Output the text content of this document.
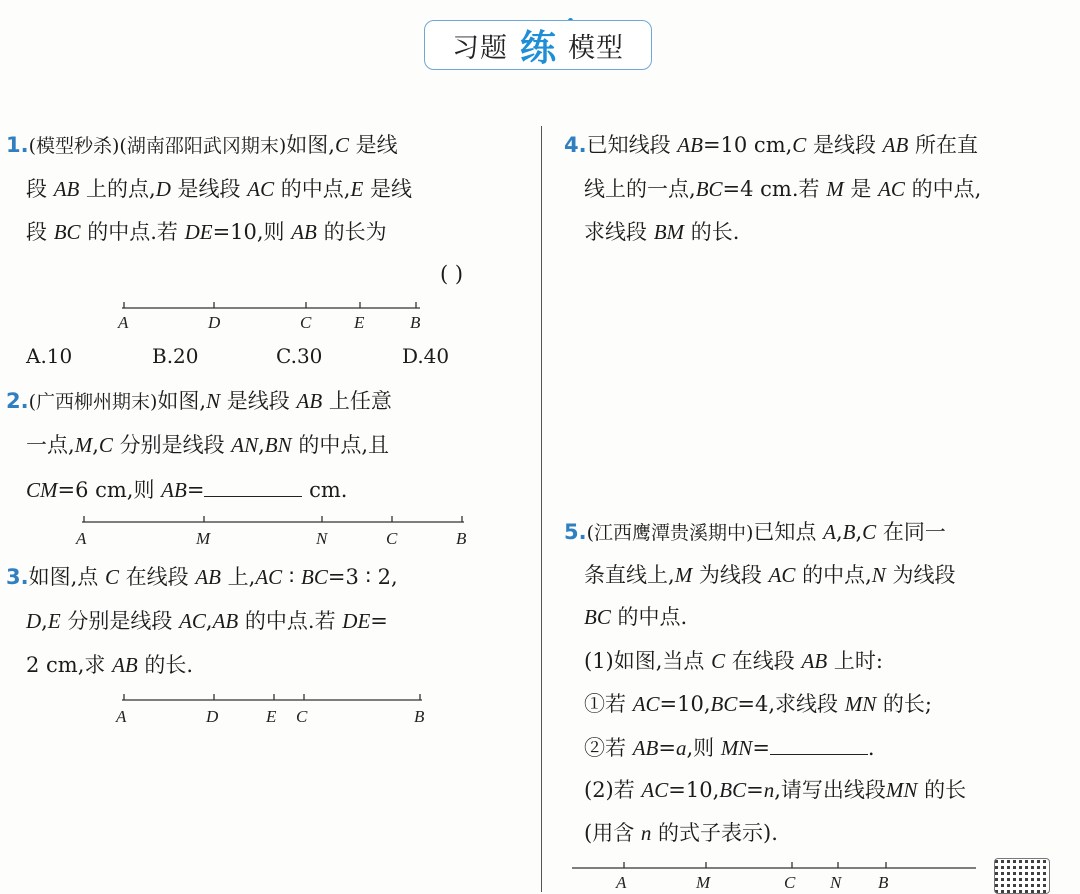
习题 练 模型
1.(模型秒杀)(湖南邵阳武冈期末)如图,C 是线
段 AB 上的点,D 是线段 AC 的中点,E 是线
段 BC 的中点.若 DE=10,则 AB 的长为
( )
A	D	C	E	B
A.10	B.20	C.30	D.40
2.(广西柳州期末)如图,N 是线段 AB 上任意
一点,M,C 分别是线段 AN,BN 的中点,且
CM=6 cm,则 AB=	cm.
A	M	N	C	B
3.如图,点 C 在线段 AB 上,AC ∶ BC=3 ∶ 2,
D,E 分别是线段 AC,AB 的中点.若 DE=
2 cm,求 AB 的长.
A	D	E C	B
4.已知线段 AB=10 cm,C 是线段 AB 所在直
线上的一点,BC=4 cm.若 M 是 AC 的中点,
求线段 BM 的长.
5.(江西鹰潭贵溪期中)已知点 A,B,C 在同一
条直线上,M 为线段 AC 的中点,N 为线段
BC 的中点.
(1)如图,当点 C 在线段 AB 上时:
①若 AC=10,BC=4,求线段 MN 的长;
②若 AB=a,则 MN=	.
(2)若 AC=10,BC=n,请写出线段MN 的长
(用含 n 的式子表示).
A	M	C N B
